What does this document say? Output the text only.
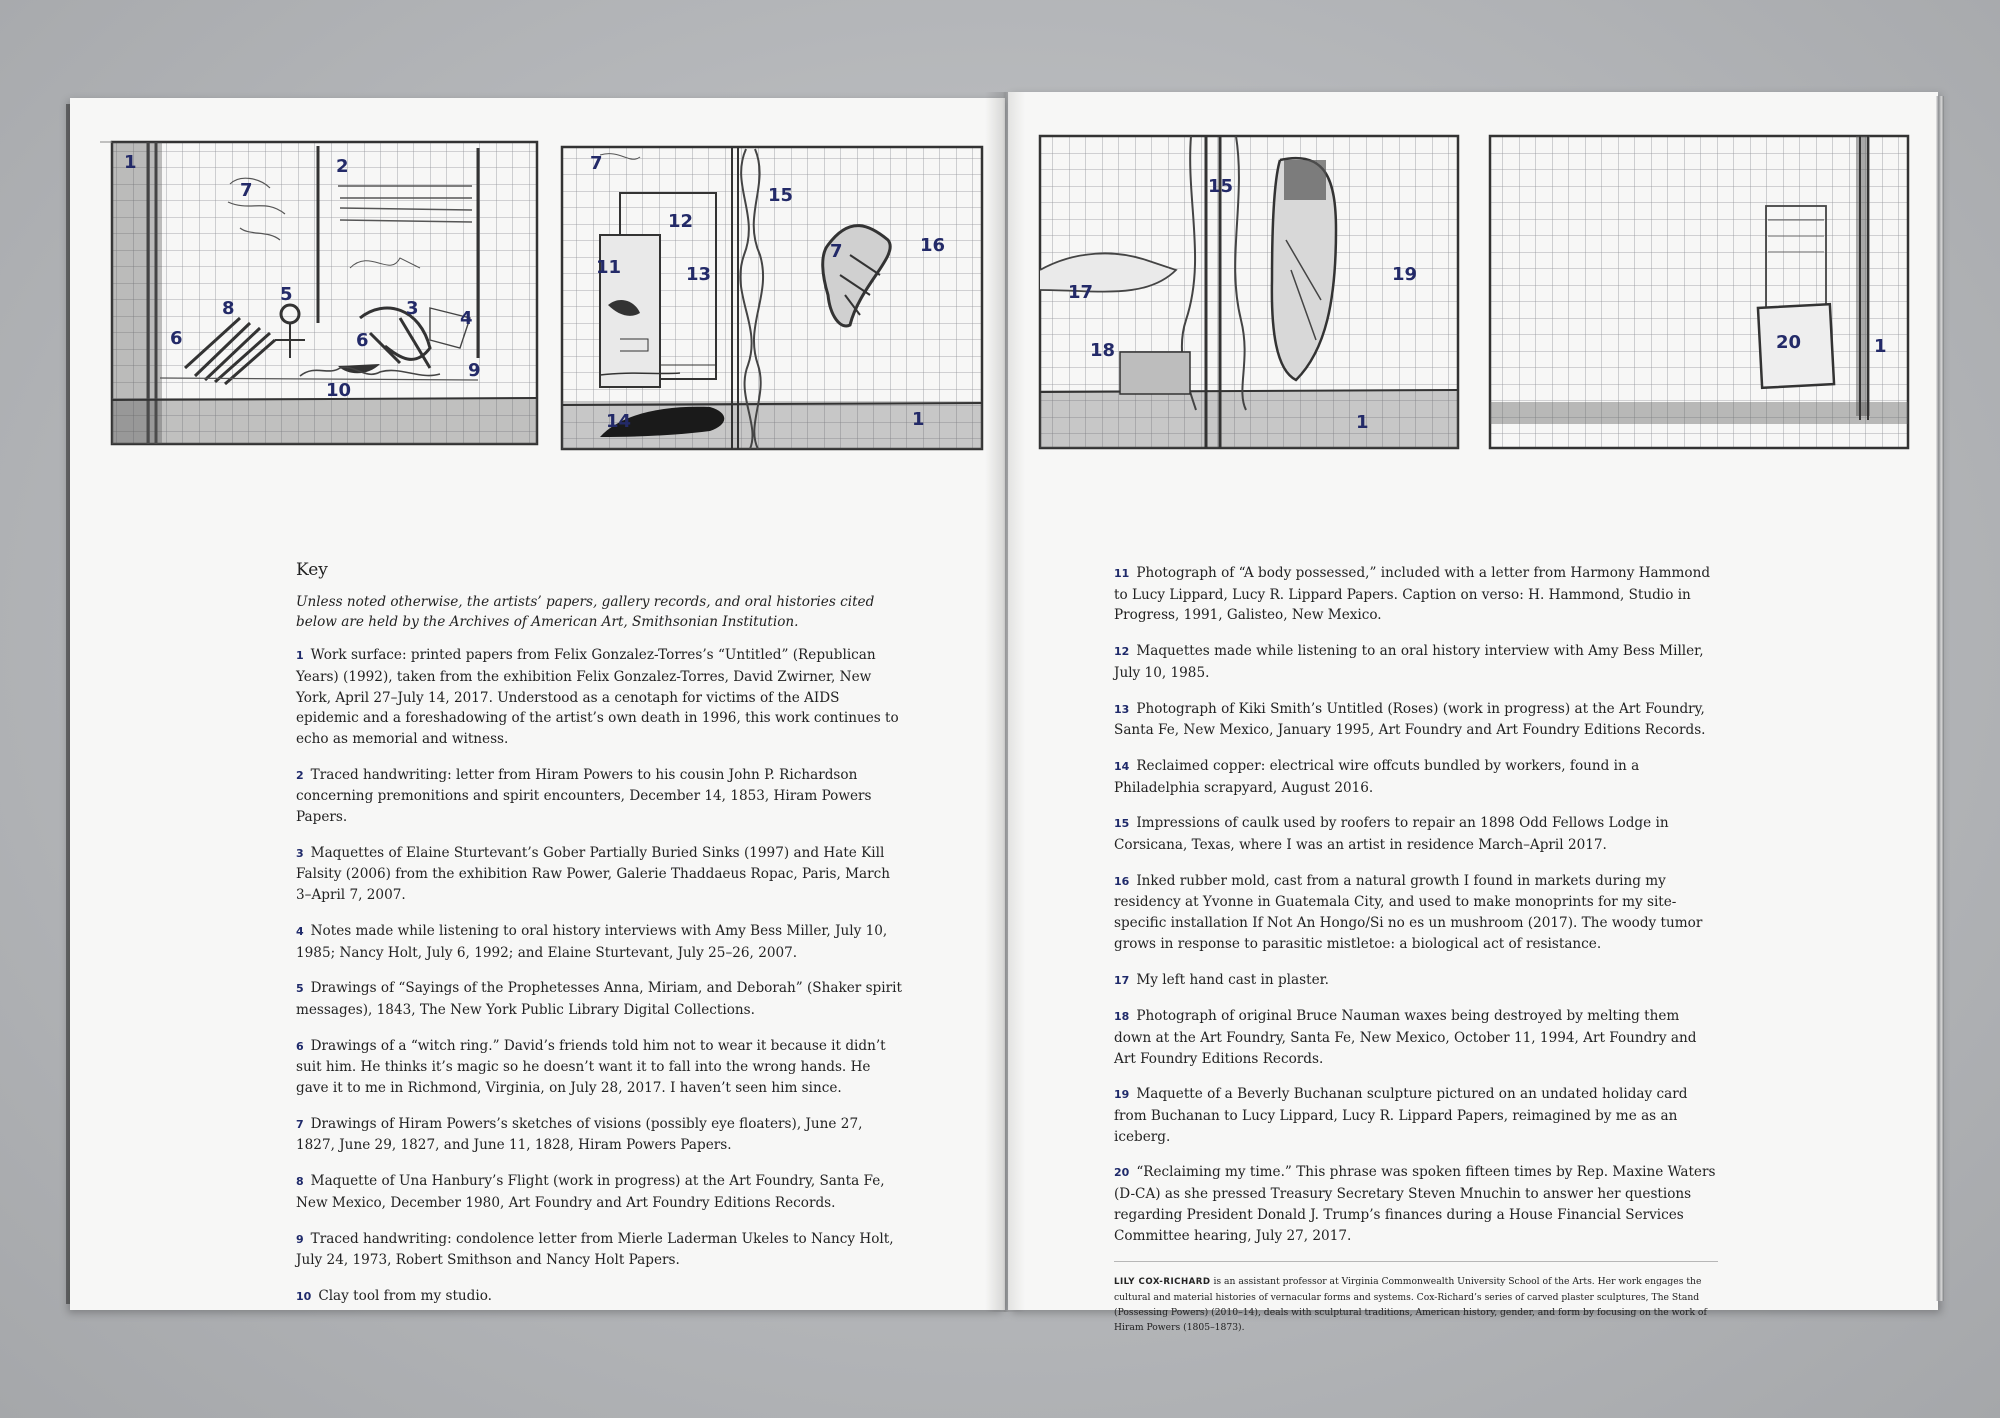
1
7
2
8
5
3 4
6	6
10
9
7
15
12
7	16
11	13
1
14
15
19
17
18
1
20	1
Key
Unless noted otherwise, the artists’ papers, gallery records, and oral histories cited below are held by the Archives of American Art, Smithsonian Institution.
1 Work surface: printed papers from Felix Gonzalez-Torres’s “Untitled” (Republican Years) (1992), taken from the exhibition Felix Gonzalez-Torres, David Zwirner, New York, April 27–July 14, 2017. Understood as a cenotaph for victims of the AIDS epidemic and a foreshadowing of the artist’s own death in 1996, this work continues to echo as memorial and witness.
2 Traced handwriting: letter from Hiram Powers to his cousin John P. Richardson concerning premonitions and spirit encounters, December 14, 1853, Hiram Powers Papers.
3 Maquettes of Elaine Sturtevant’s Gober Partially Buried Sinks (1997) and Hate Kill Falsity (2006) from the exhibition Raw Power, Galerie Thaddaeus Ropac, Paris, March 3–April 7, 2007.
4 Notes made while listening to oral history interviews with Amy Bess Miller, July 10, 1985; Nancy Holt, July 6, 1992; and Elaine Sturtevant, July 25–26, 2007.
5 Drawings of “Sayings of the Prophetesses Anna, Miriam, and Deborah” (Shaker spirit messages), 1843, The New York Public Library Digital Collections.
6 Drawings of a “witch ring.” David’s friends told him not to wear it because it didn’t suit him. He thinks it’s magic so he doesn’t want it to fall into the wrong hands. He gave it to me in Richmond, Virginia, on July 28, 2017. I haven’t seen him since.
7 Drawings of Hiram Powers’s sketches of visions (possibly eye floaters), June 27, 1827, June 29, 1827, and June 11, 1828, Hiram Powers Papers.
8 Maquette of Una Hanbury’s Flight (work in progress) at the Art Foundry, Santa Fe, New Mexico, December 1980, Art Foundry and Art Foundry Editions Records.
9 Traced handwriting: condolence letter from Mierle Laderman Ukeles to Nancy Holt, July 24, 1973, Robert Smithson and Nancy Holt Papers.
10 Clay tool from my studio.
11 Photograph of “A body possessed,” included with a letter from Harmony Hammond to Lucy Lippard, Lucy R. Lippard Papers. Caption on verso: H. Hammond, Studio in Progress, 1991, Galisteo, New Mexico.
12 Maquettes made while listening to an oral history interview with Amy Bess Miller, July 10, 1985.
13 Photograph of Kiki Smith’s Untitled (Roses) (work in progress) at the Art Foundry, Santa Fe, New Mexico, January 1995, Art Foundry and Art Foundry Editions Records.
14 Reclaimed copper: electrical wire offcuts bundled by workers, found in a Philadelphia scrapyard, August 2016.
15 Impressions of caulk used by roofers to repair an 1898 Odd Fellows Lodge in Corsicana, Texas, where I was an artist in residence March–April 2017.
16 Inked rubber mold, cast from a natural growth I found in markets during my residency at Yvonne in Guatemala City, and used to make monoprints for my site-specific installation If Not An Hongo/Si no es un mushroom (2017). The woody tumor grows in response to parasitic mistletoe: a biological act of resistance.
17 My left hand cast in plaster.
18 Photograph of original Bruce Nauman waxes being destroyed by melting them down at the Art Foundry, Santa Fe, New Mexico, October 11, 1994, Art Foundry and Art Foundry Editions Records.
19 Maquette of a Beverly Buchanan sculpture pictured on an undated holiday card from Buchanan to Lucy Lippard, Lucy R. Lippard Papers, reimagined by me as an iceberg.
20 “Reclaiming my time.” This phrase was spoken fifteen times by Rep. Maxine Waters (D-CA) as she pressed Treasury Secretary Steven Mnuchin to answer her questions regarding President Donald J. Trump’s finances during a House Financial Services Committee hearing, July 27, 2017.
LILY COX-RICHARD is an assistant professor at Virginia Commonwealth University School of the Arts. Her work engages the cultural and material histories of vernacular forms and systems. Cox-Richard’s series of carved plaster sculptures, The Stand (Possessing Powers) (2010–14), deals with sculptural traditions, American history, gender, and form by focusing on the work of Hiram Powers (1805–1873).
